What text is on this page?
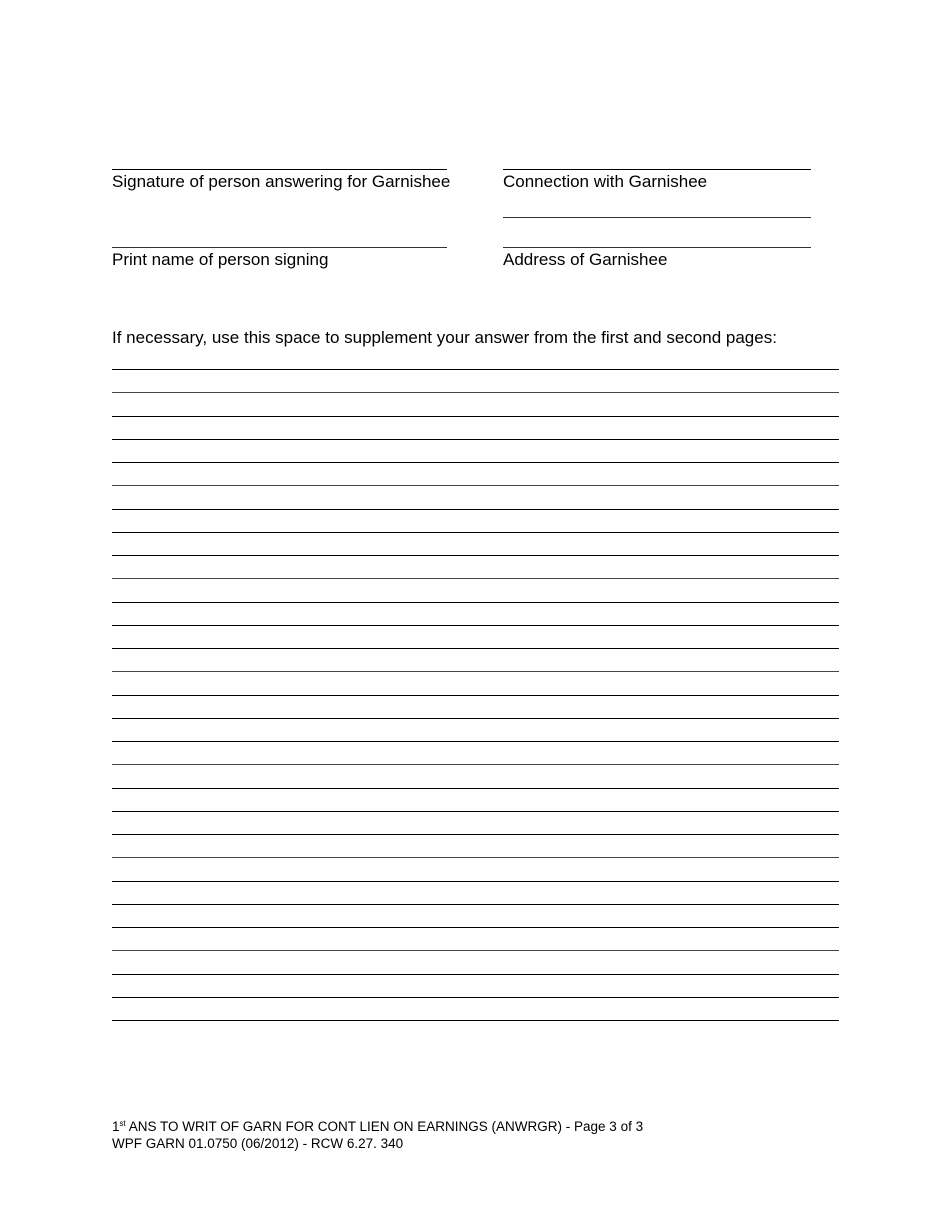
Signature of person answering for Garnishee	Connection with Garnishee
Print name of person signing	Address of Garnishee
If necessary, use this space to supplement your answer from the first and second pages:
1st ANS TO WRIT OF GARN FOR CONT LIEN ON EARNINGS (ANWRGR) - Page 3 of 3
WPF GARN 01.0750 (06/2012) - RCW 6.27. 340
